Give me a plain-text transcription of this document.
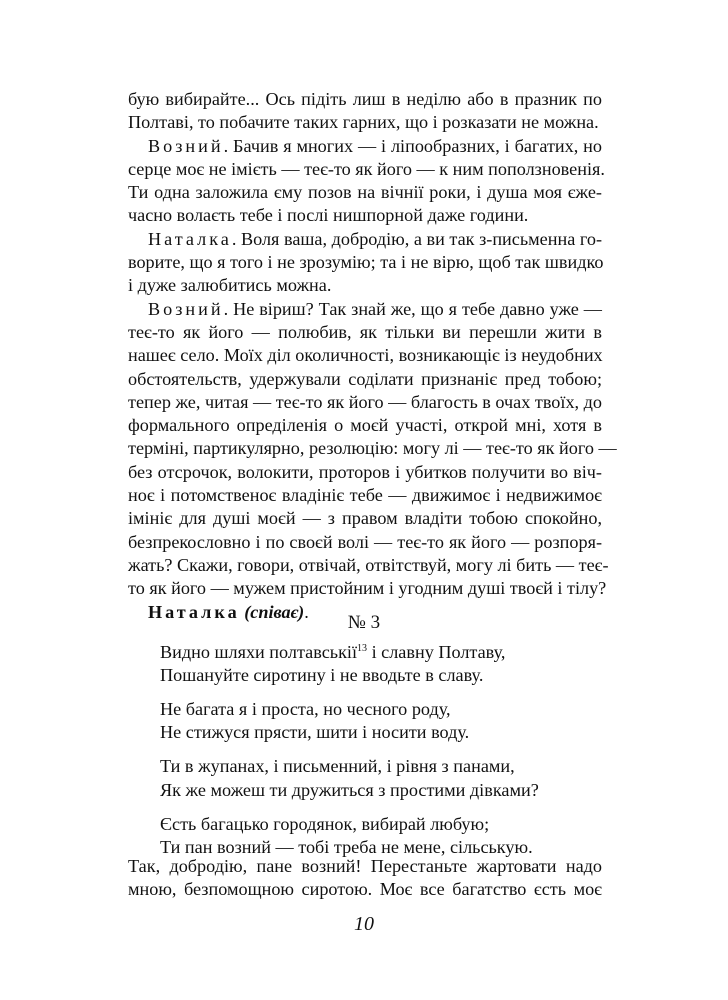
бую вибирайте... Ось підіть лиш в неділю або в празник по
Полтаві, то побачите таких гарних, що і розказати не можна.
Возний. Бачив я многих — і ліпообразних, і багатих, но
серце моє не імієть — теє-то як його — к ним поползновенія.
Ти одна заложила єму позов на вічнії роки, і душа моя єже-
часно волаєть тебе і послі нишпорной даже години.
Наталка. Воля ваша, добродію, а ви так з-письменна го-
ворите, що я того і не зрозумію; та і не вірю, щоб так швидко
і дуже залюбитись можна.
Возний. Не віриш? Так знай же, що я тебе давно уже —
теє-то як його — полюбив, як тільки ви перешли жити в
нашеє село. Моїх діл околичності, возникающіє із неудобних
обстоятельств, удержували соділати признаніє пред тобою;
тепер же, читая — теє-то як його — благость в очах твоїх, до
формального опреділенія о моєй участі, открой мні, хотя в
терміні, партикулярно, резолюцію: могу лі — теє-то як його —
без отсрочок, волокити, проторов і убитков получити во віч-
ноє і потомственоє владініє тебе — движимоє і недвижимоє
імініє для душі моєй — з правом владіти тобою спокойно,
безпрекословно і по своєй волі — теє-то як його — розпоря-
жать? Скажи, говори, отвічай, отвітствуй, могу лі бить — теє-
то як його — мужем пристойним і угодним душі твоєй і тілу?
Наталка (співає).
№ 3
Видно шляхи полтавськії$^{13}$ і славну Полтаву,
Пошануйте сиротину і не вводьте в славу.
Не багата я і проста, но чесного роду,
Не стижуся прясти, шити і носити воду.
Ти в жупанах, і письменний, і рівня з панами,
Як же можеш ти дружиться з простими дівками?
Єсть багацько городянок, вибирай любую;
Ти пан возний — тобі треба не мене, сільськую.
Так, добродію, пане возний! Перестаньте жартовати надо
мною, безпомощною сиротою. Моє все багатство єсть моє
10
